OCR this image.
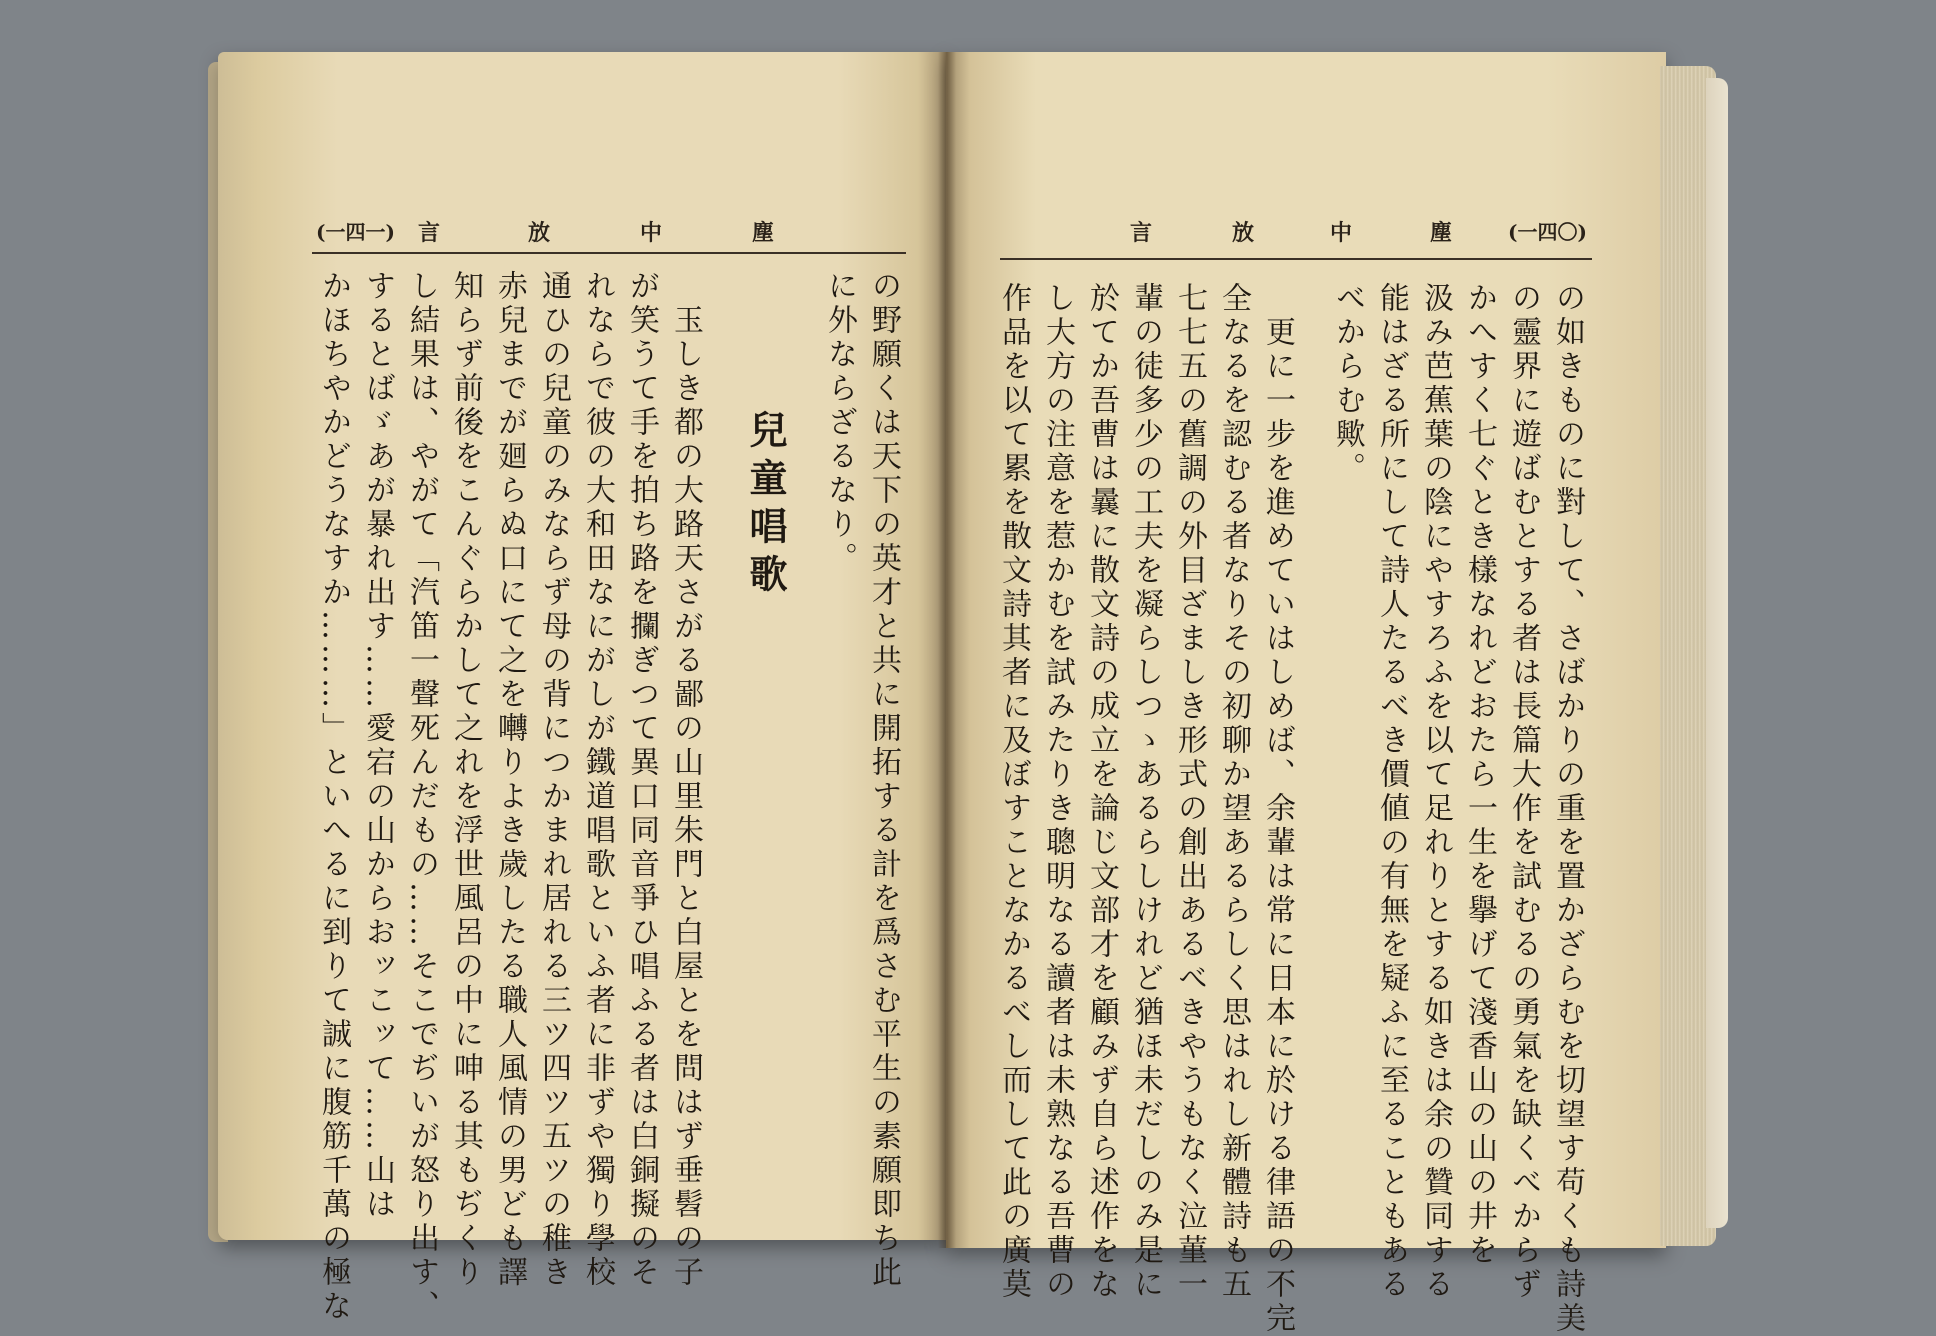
(一四一)	塵
中
放
言
の野願くは天下の英才と共に開拓する計を爲さむ平生の素願即ち此
に外ならざるなり。
兒童唱歌
玉しき都の大路天さがる鄙の山里朱門と白屋とを問はず垂髫の子
が笑うて手を拍ち路を攔ぎつて異口同音爭ひ唱ふる者は白銅擬のそ
れならで彼の大和田なにがしが鐵道唱歌といふ者に非ずや獨り學校
通ひの兒童のみならず母の背につかまれ居れる三ツ四ツ五ツの稚き
赤兒までが廻らぬ口にて之を囀りよき歲したる職人風情の男ども譯
知らず前後をこんぐらかして之れを浮世風呂の中に呻る其もぢくり
し結果は、やがて「汽笛一聲死んだもの……そこでぢいが怒り出す、
するとばゞあが暴れ出す……愛宕の山からおッこッて……山は
かほちやかどうなすか………」といへるに到りて誠に腹筋千萬の極な
(一四〇)
塵
中
放
言
の如きものに對して、さばかりの重を置かざらむを切望す苟くも詩美
の靈界に遊ばむとする者は長篇大作を試むるの勇氣を缺くべからず
かへすく七ぐとき樣なれどおたら一生を擧げて淺香山の山の井を
汲み芭蕉葉の陰にやすろふを以て足れりとする如きは余の贊同する
能はざる所にして詩人たるべき價値の有無を疑ふに至ることもある
べからむ歟。
更に一步を進めていはしめば、余輩は常に日本に於ける律語の不完
全なるを認むる者なりその初聊か望あるらしく思はれし新體詩も五
七七五の舊調の外目ざましき形式の創出あるべきやうもなく泣菫一
輩の徒多少の工夫を凝らしつゝあるらしけれど猶ほ未だしのみ是に
於てか吾曹は曩に散文詩の成立を論じ文部才を顧みず自ら述作をな
し大方の注意を惹かむを試みたりき聰明なる讀者は未熟なる吾曹の
作品を以て累を散文詩其者に及ぼすことなかるべし而して此の廣莫
